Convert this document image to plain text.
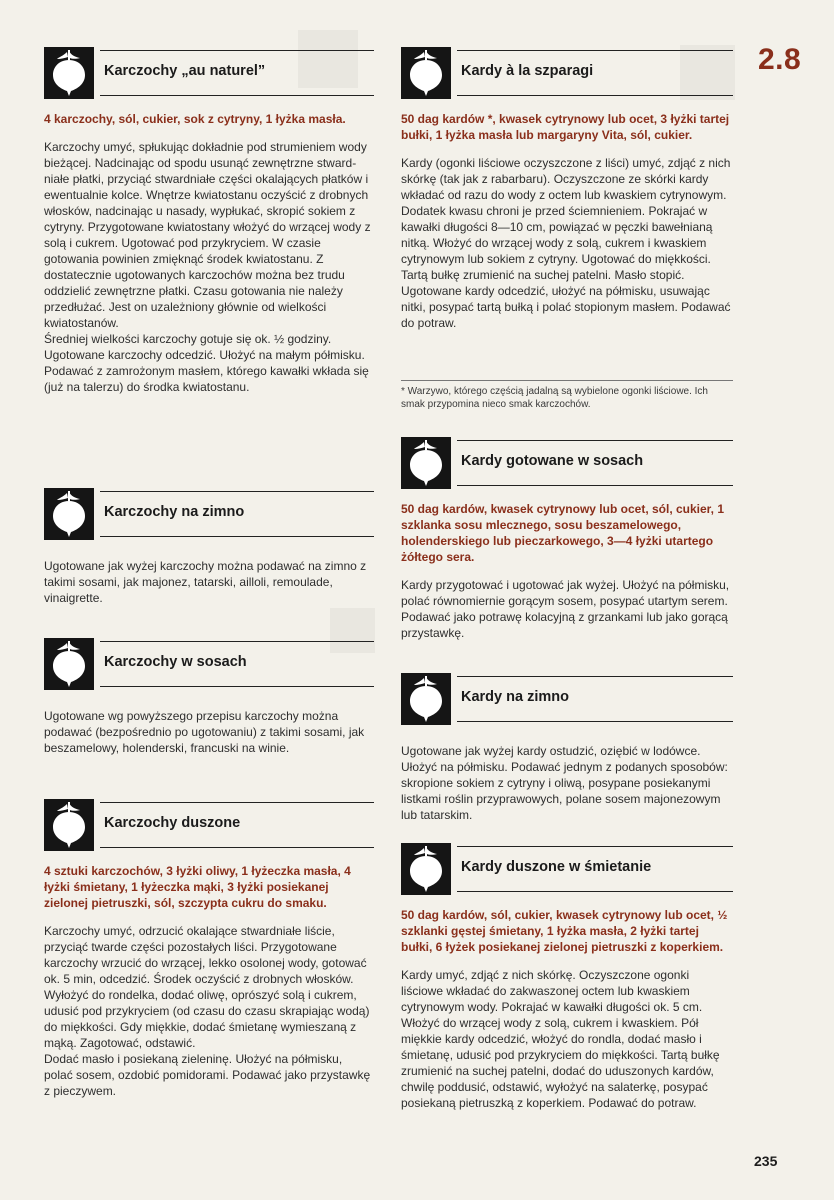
2.8
Karczochy „au naturel”
4 karczochy, sól, cukier, sok z cytryny, 1 łyżka masła.

Karczochy umyć, spłukując dokładnie pod strumieniem wody bieżącej. Nadcinając od spodu usunąć zewnętrzne stwardniałe płatki, przyciąć stwardniałe części okalających płatków i ewentualnie kolce. Wnętrze kwiatostanu oczyścić z drobnych włosków, nadcinając u nasady, wypłukać, skropić sokiem z cytryny. Przygotowane kwiatostany włożyć do wrzącej wody z solą i cukrem. Ugotować pod przykryciem. W czasie gotowania powinien zmięknąć środek kwiatostanu. Z dostatecznie ugotowanych karczochów można bez trudu oddzielić zewnętrzne płatki. Czasu gotowania nie należy przedłużać. Jest on uzależniony głównie od wielkości kwiatostanów.

Średniej wielkości karczochy gotuje się ok. ½ godziny. Ugotowane karczochy odcedzić. Ułożyć na małym półmisku. Podawać z zamrożonym masłem, którego kawałki wkłada się (już na talerzu) do środka kwiatostanu.

Karczochy na zimno

Ugotowane jak wyżej karczochy można podawać na zimno z takimi sosami, jak majonez, tatarski, ailloli, remoulade, vinaigrette.

Karczochy w sosach

Ugotowane wg powyższego przepisu karczochy można podawać (bezpośrednio po ugotowaniu) z takimi sosami, jak beszamelowy, holenderski, francuski na winie.

Karczochy duszone
4 sztuki karczochów, 3 łyżki oliwy, 1 łyżeczka masła, 4 łyżki śmietany, 1 łyżeczka mąki, 3 łyżki posiekanej zielonej pietruszki, sól, szczypta cukru do smaku.

Karczochy umyć, odrzucić okalające stwardniałe liście, przyciąć twarde części pozostałych liści. Przygotowane karczochy wrzucić do wrzącej, lekko osolonej wody, gotować ok. 5 min, odcedzić. Środek oczyścić z drobnych włosków. Wyłożyć do rondelka, dodać oliwę, oprószyć solą i cukrem, udusić pod przykryciem (od czasu do czasu skrapiając wodą) do miękkości. Gdy miękkie, dodać śmietanę wymieszaną z mąką. Zagotować, odstawić.

Dodać masło i posiekaną zieleninę. Ułożyć na półmisku, polać sosem, ozdobić pomidorami. Podawać jako przystawkę z pieczywem.

Kardy à la szparagi
50 dag kardów *, kwasek cytrynowy lub ocet, 3 łyżki tartej bułki, 1 łyżka masła lub margaryny Vita, sól, cukier.

Kardy (ogonki liściowe oczyszczone z liści) umyć, zdjąć z nich skórkę (tak jak z rabarbaru). Oczyszczone ze skórki kardy wkładać od razu do wody z octem lub kwaskiem cytrynowym. Dodatek kwasu chroni je przed ściemnieniem. Pokrajać w kawałki długości 8—10 cm, powiązać w pęczki bawełnianą nitką. Włożyć do wrzącej wody z solą, cukrem i kwaskiem cytrynowym lub sokiem z cytryny. Ugotować do miękkości. Tartą bułkę zrumienić na suchej patelni. Masło stopić. Ugotowane kardy odcedzić, ułożyć na półmisku, usuwając nitki, posypać tartą bułką i polać stopionym masłem. Podawać do potraw.

* Warzywo, którego częścią jadalną są wybielone ogonki liściowe. Ich smak przypomina nieco smak karczochów.
Kardy gotowane w sosach
50 dag kardów, kwasek cytrynowy lub ocet, sól, cukier, 1 szklanka sosu mlecznego, sosu beszamelowego, holenderskiego lub pieczarkowego, 3—4 łyżki utartego żółtego sera.

Kardy przygotować i ugotować jak wyżej. Ułożyć na półmisku, polać równomiernie gorącym sosem, posypać utartym serem. Podawać jako potrawę kolacyjną z grzankami lub jako gorącą przystawkę.

Kardy na zimno

Ugotowane jak wyżej kardy ostudzić, oziębić w lodówce. Ułożyć na półmisku. Podawać jednym z podanych sposobów: skropione sokiem z cytryny i oliwą, posypane posiekanymi listkami roślin przyprawowych, polane sosem majonezowym lub tatarskim.

Kardy duszone w śmietanie
50 dag kardów, sól, cukier, kwasek cytrynowy lub ocet, ½ szklanki gęstej śmietany, 1 łyżka masła, 2 łyżki tartej bułki, 6 łyżek posiekanej zielonej pietruszki z koperkiem.

Kardy umyć, zdjąć z nich skórkę. Oczyszczone ogonki liściowe wkładać do zakwaszonej octem lub kwaskiem cytrynowym wody. Pokrajać w kawałki długości ok. 5 cm. Włożyć do wrzącej wody z solą, cukrem i kwaskiem. Pół miękkie kardy odcedzić, włożyć do rondla, dodać masło i śmietanę, udusić pod przykryciem do miękkości. Tartą bułkę zrumienić na suchej patelni, dodać do uduszonych kardów, chwilę poddusić, odstawić, wyłożyć na salaterkę, posypać posiekaną pietruszką z koperkiem. Podawać do potraw.

235
